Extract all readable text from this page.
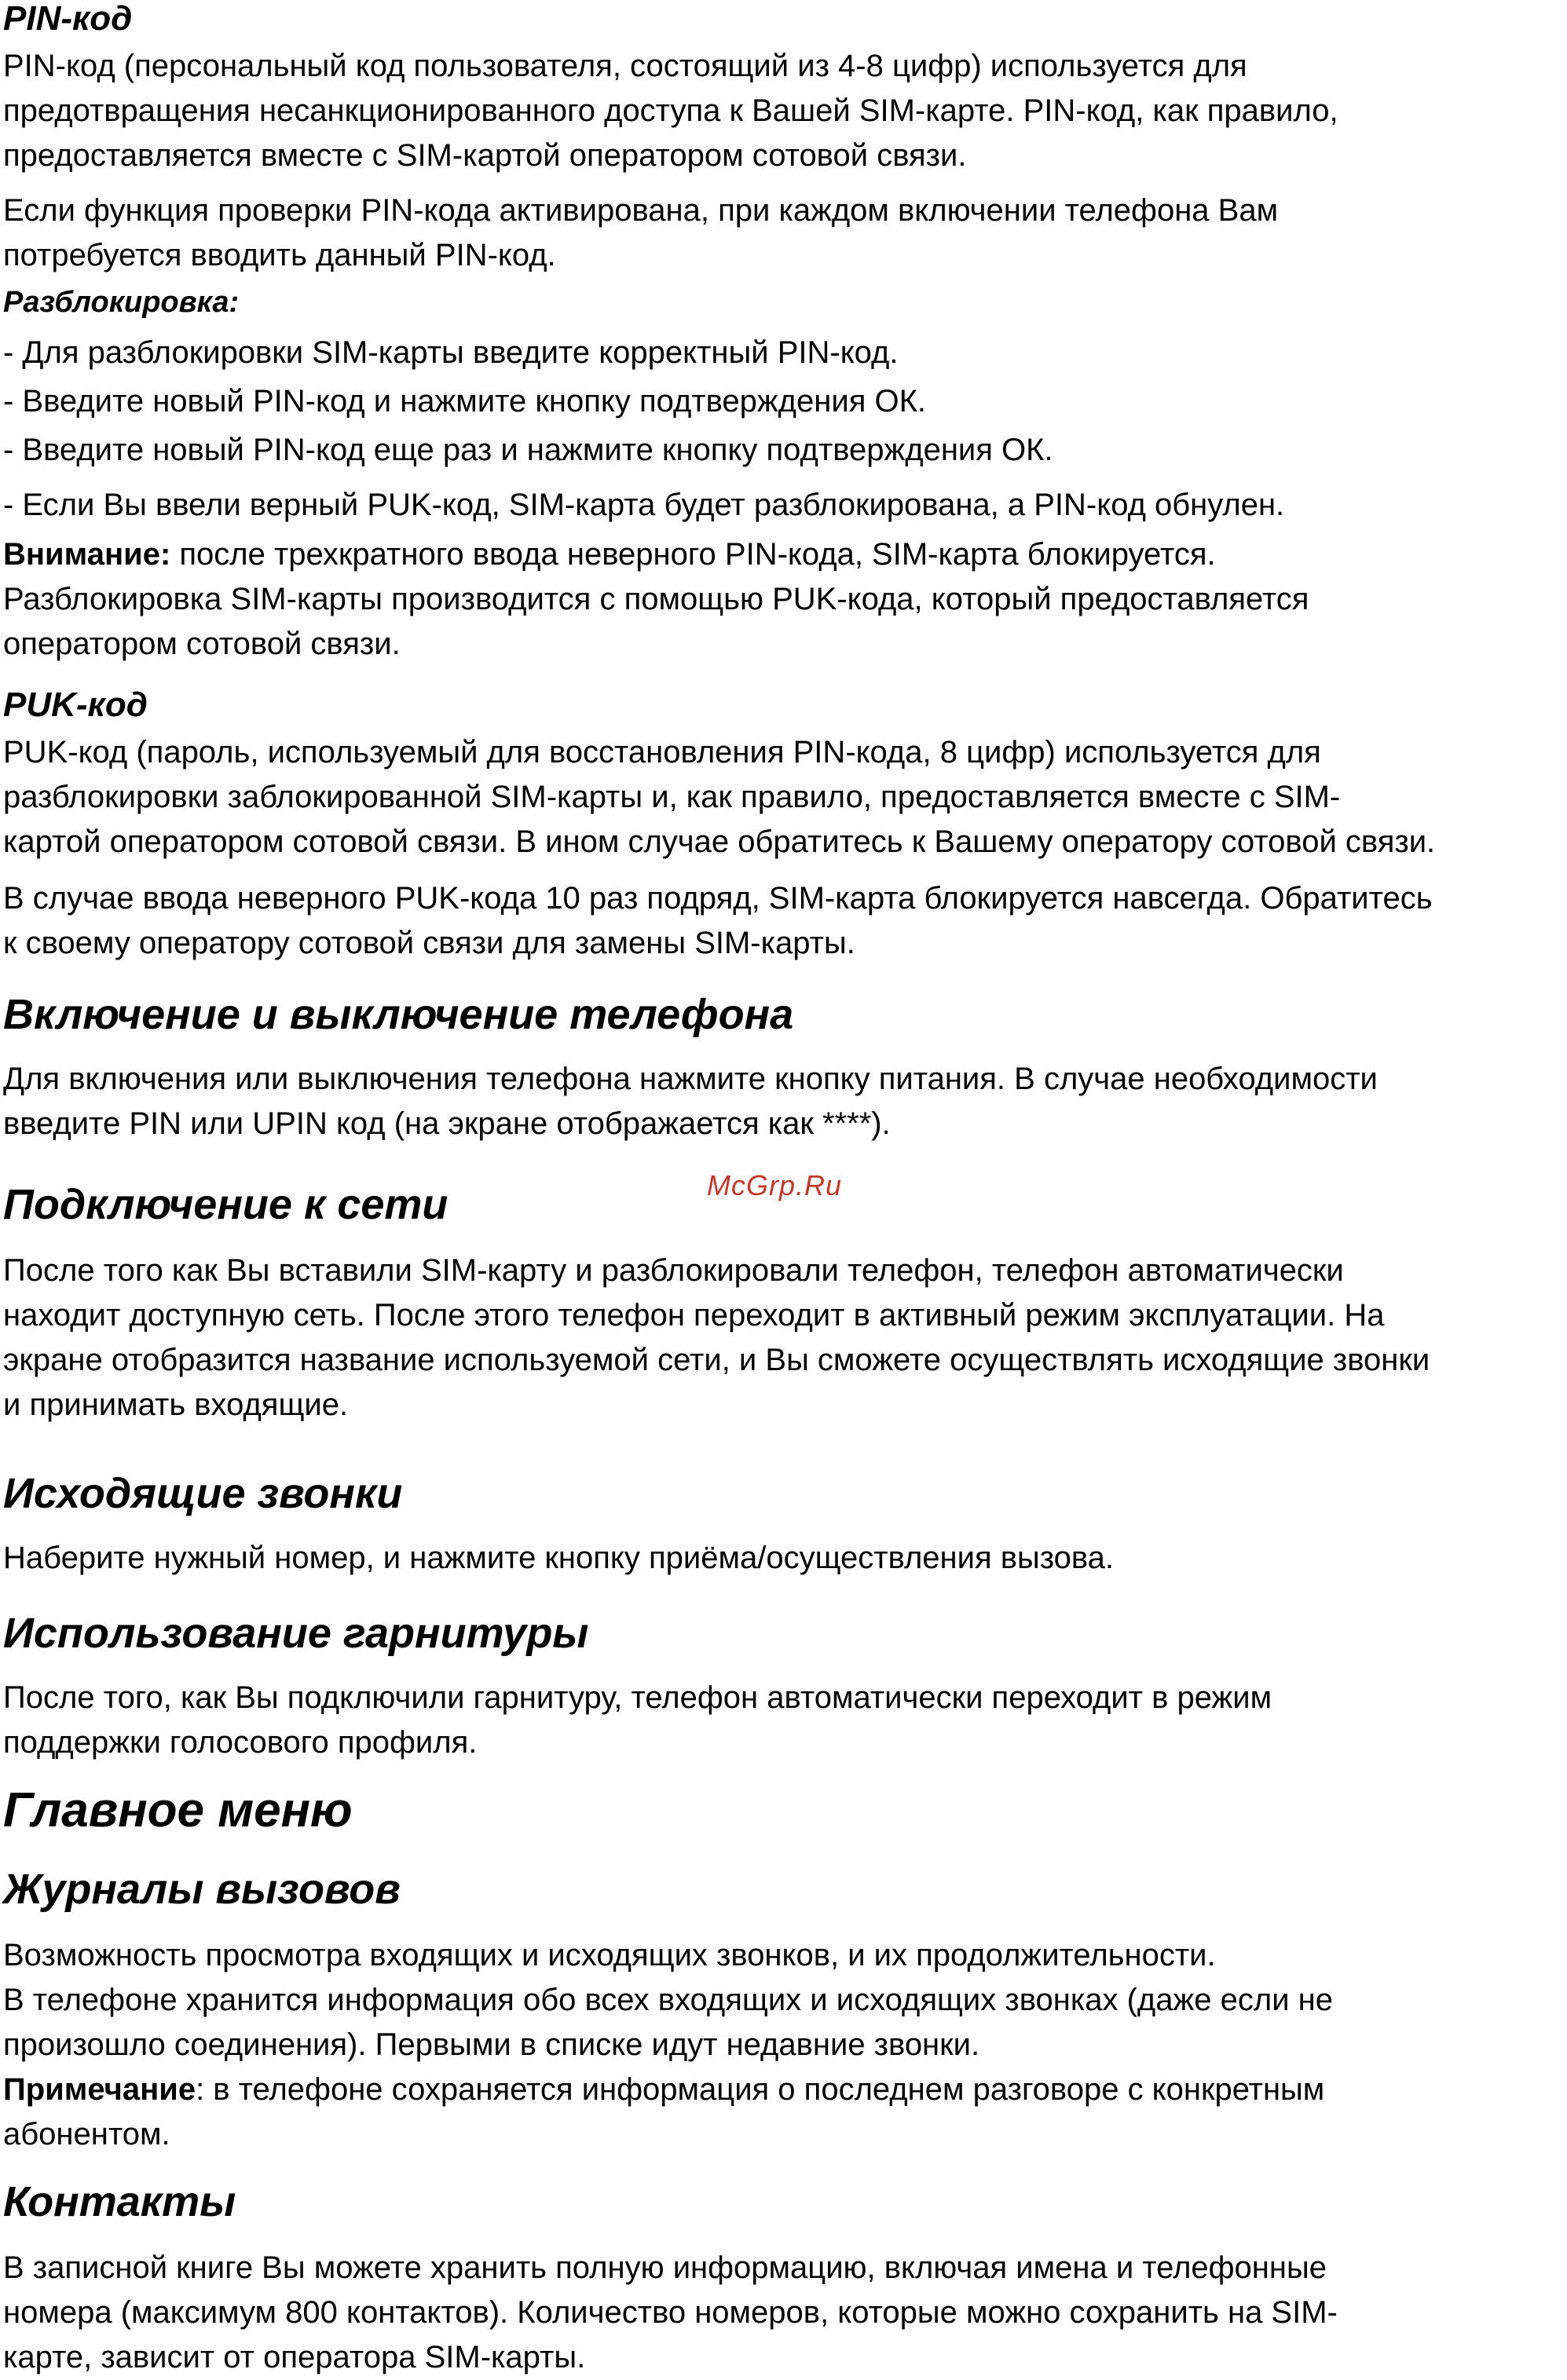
PIN-код
PIN-код (персональный код пользователя, состоящий из 4-8 цифр) используется для
предотвращения несанкционированного доступа к Вашей SIM-карте. PIN-код, как правило,
предоставляется вместе с SIM-картой оператором сотовой связи.
Если функция проверки PIN-кода активирована, при каждом включении телефона Вам
потребуется вводить данный PIN-код.
Разблокировка:
- Для разблокировки SIM-карты введите корректный PIN-код.
- Введите новый PIN-код и нажмите кнопку подтверждения ОК.
- Введите новый PIN-код еще раз и нажмите кнопку подтверждения ОК.
- Если Вы ввели верный PUK-код, SIM-карта будет разблокирована, а PIN-код обнулен.
Внимание: после трехкратного ввода неверного PIN-кода, SIM-карта блокируется.
Разблокировка SIM-карты производится с помощью PUK-кода, который предоставляется
оператором сотовой связи.
PUK-код
PUK-код (пароль, используемый для восстановления PIN-кода, 8 цифр) используется для
разблокировки заблокированной SIM-карты и, как правило, предоставляется вместе с SIM-
картой оператором сотовой связи. В ином случае обратитесь к Вашему оператору сотовой связи.
В случае ввода неверного PUK-кода 10 раз подряд, SIM-карта блокируется навсегда. Обратитесь
к своему оператору сотовой связи для замены SIM-карты.
Включение и выключение телефона
Для включения или выключения телефона нажмите кнопку питания. В случае необходимости
введите PIN или UPIN код (на экране отображается как ****).
McGrp.Ru
Подключение к сети
После того как Вы вставили SIM-карту и разблокировали телефон, телефон автоматически
находит доступную сеть. После этого телефон переходит в активный режим эксплуатации. На
экране отобразится название используемой сети, и Вы сможете осуществлять исходящие звонки
и принимать входящие.
Исходящие звонки
Наберите нужный номер, и нажмите кнопку приёма/осуществления вызова.
Использование гарнитуры
После того, как Вы подключили гарнитуру, телефон автоматически переходит в режим
поддержки голосового профиля.
Главное меню
Журналы вызовов
Возможность просмотра входящих и исходящих звонков, и их продолжительности.
В телефоне хранится информация обо всех входящих и исходящих звонках (даже если не
произошло соединения). Первыми в списке идут недавние звонки.
Примечание: в телефоне сохраняется информация о последнем разговоре с конкретным
абонентом.
Контакты
В записной книге Вы можете хранить полную информацию, включая имена и телефонные
номера (максимум 800 контактов). Количество номеров, которые можно сохранить на SIM-
карте, зависит от оператора SIM-карты.
